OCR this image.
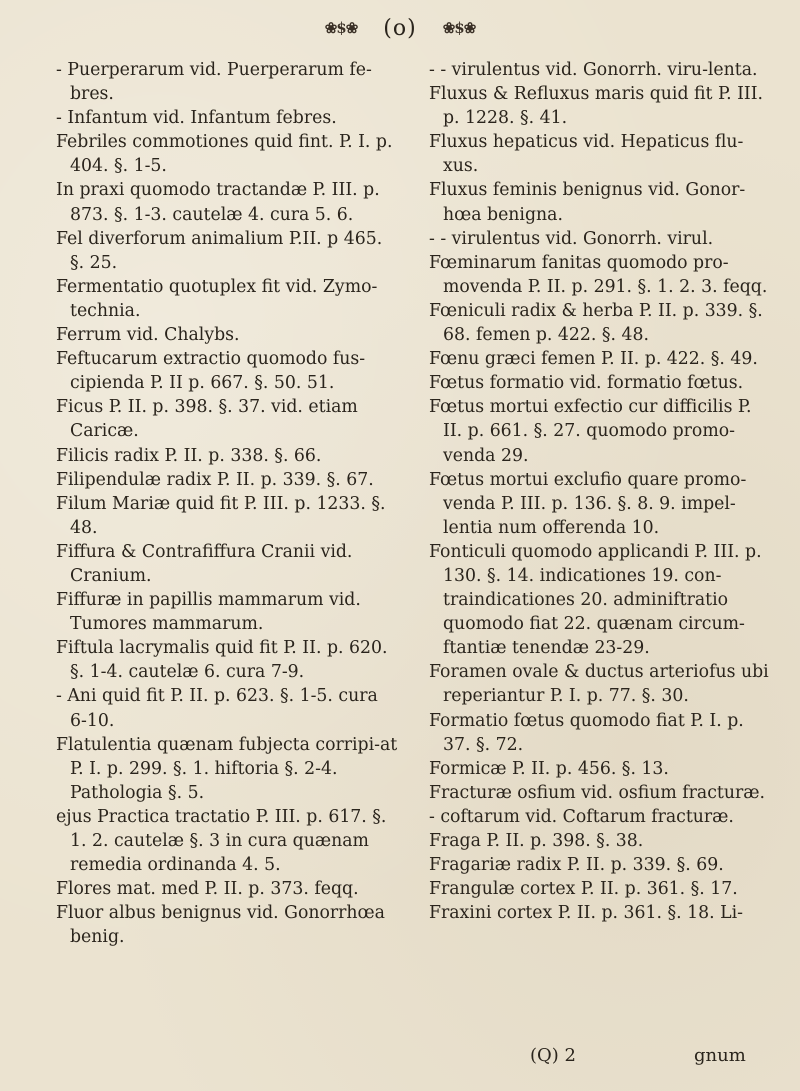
❀$❀ (o) ❀$❀

- Puerperarum vid. Puerperarum fe-bres.

- Infantum vid. Infantum febres.

Febriles commotiones quid fint. P. I. p. 404. §. 1-5.

In praxi quomodo tractandæ P. III. p. 873. §. 1-3. cautelæ 4. cura 5. 6.

Fel diverforum animalium P.II. p 465. §. 25.

Fermentatio quotuplex fit vid. Zymo-technia.

Ferrum vid. Chalybs.

Feftucarum extractio quomodo fus-cipienda P. II p. 667. §. 50. 51.

Ficus P. II. p. 398. §. 37. vid. etiam Caricæ.

Filicis radix P. II. p. 338. §. 66.

Filipendulæ radix P. II. p. 339. §. 67.

Filum Mariæ quid fit P. III. p. 1233. §. 48.

Fiffura & Contrafiffura Cranii vid. Cranium.

Fiffuræ in papillis mammarum vid. Tumores mammarum.

Fiftula lacrymalis quid fit P. II. p. 620. §. 1-4. cautelæ 6. cura 7-9.

- Ani quid fit P. II. p. 623. §. 1-5. cura 6-10.

Flatulentia quænam fubjecta corripi-at P. I. p. 299. §. 1. hiftoria §. 2-4. Pathologia §. 5.

ejus Practica tractatio P. III. p. 617. §. 1. 2. cautelæ §. 3 in cura quænam remedia ordinanda 4. 5.

Flores mat. med P. II. p. 373. feqq.

Fluor albus benignus vid. Gonorrhœa benig.

- - virulentus vid. Gonorrh. viru-lenta.

Fluxus & Refluxus maris quid fit P. III. p. 1228. §. 41.

Fluxus hepaticus vid. Hepaticus flu-xus.

Fluxus feminis benignus vid. Gonor-hœa benigna.

- - virulentus vid. Gonorrh. virul.

Fœminarum fanitas quomodo pro-movenda P. II. p. 291. §. 1. 2. 3. feqq.

Fœniculi radix & herba P. II. p. 339. §. 68. femen p. 422. §. 48.

Fœnu græci femen P. II. p. 422. §. 49.

Fœtus formatio vid. formatio fœtus.

Fœtus mortui exfectio cur difficilis P. II. p. 661. §. 27. quomodo promo-venda 29.

Fœtus mortui exclufio quare promo-venda P. III. p. 136. §. 8. 9. impel-lentia num offerenda 10.

Fonticuli quomodo applicandi P. III. p. 130. §. 14. indicationes 19. con-traindicationes 20. adminiftratio quomodo fiat 22. quænam circum-ftantiæ tenendæ 23-29.

Foramen ovale & ductus arteriofus ubi reperiantur P. I. p. 77. §. 30.

Formatio fœtus quomodo fiat P. I. p. 37. §. 72.

Formicæ P. II. p. 456. §. 13.

Fracturæ osfium vid. osfium fracturæ.

- coftarum vid. Coftarum fracturæ.

Fraga P. II. p. 398. §. 38.

Fragariæ radix P. II. p. 339. §. 69.

Frangulæ cortex P. II. p. 361. §. 17.

Fraxini cortex P. II. p. 361. §. 18. Li-

(Q) 2	gnum
